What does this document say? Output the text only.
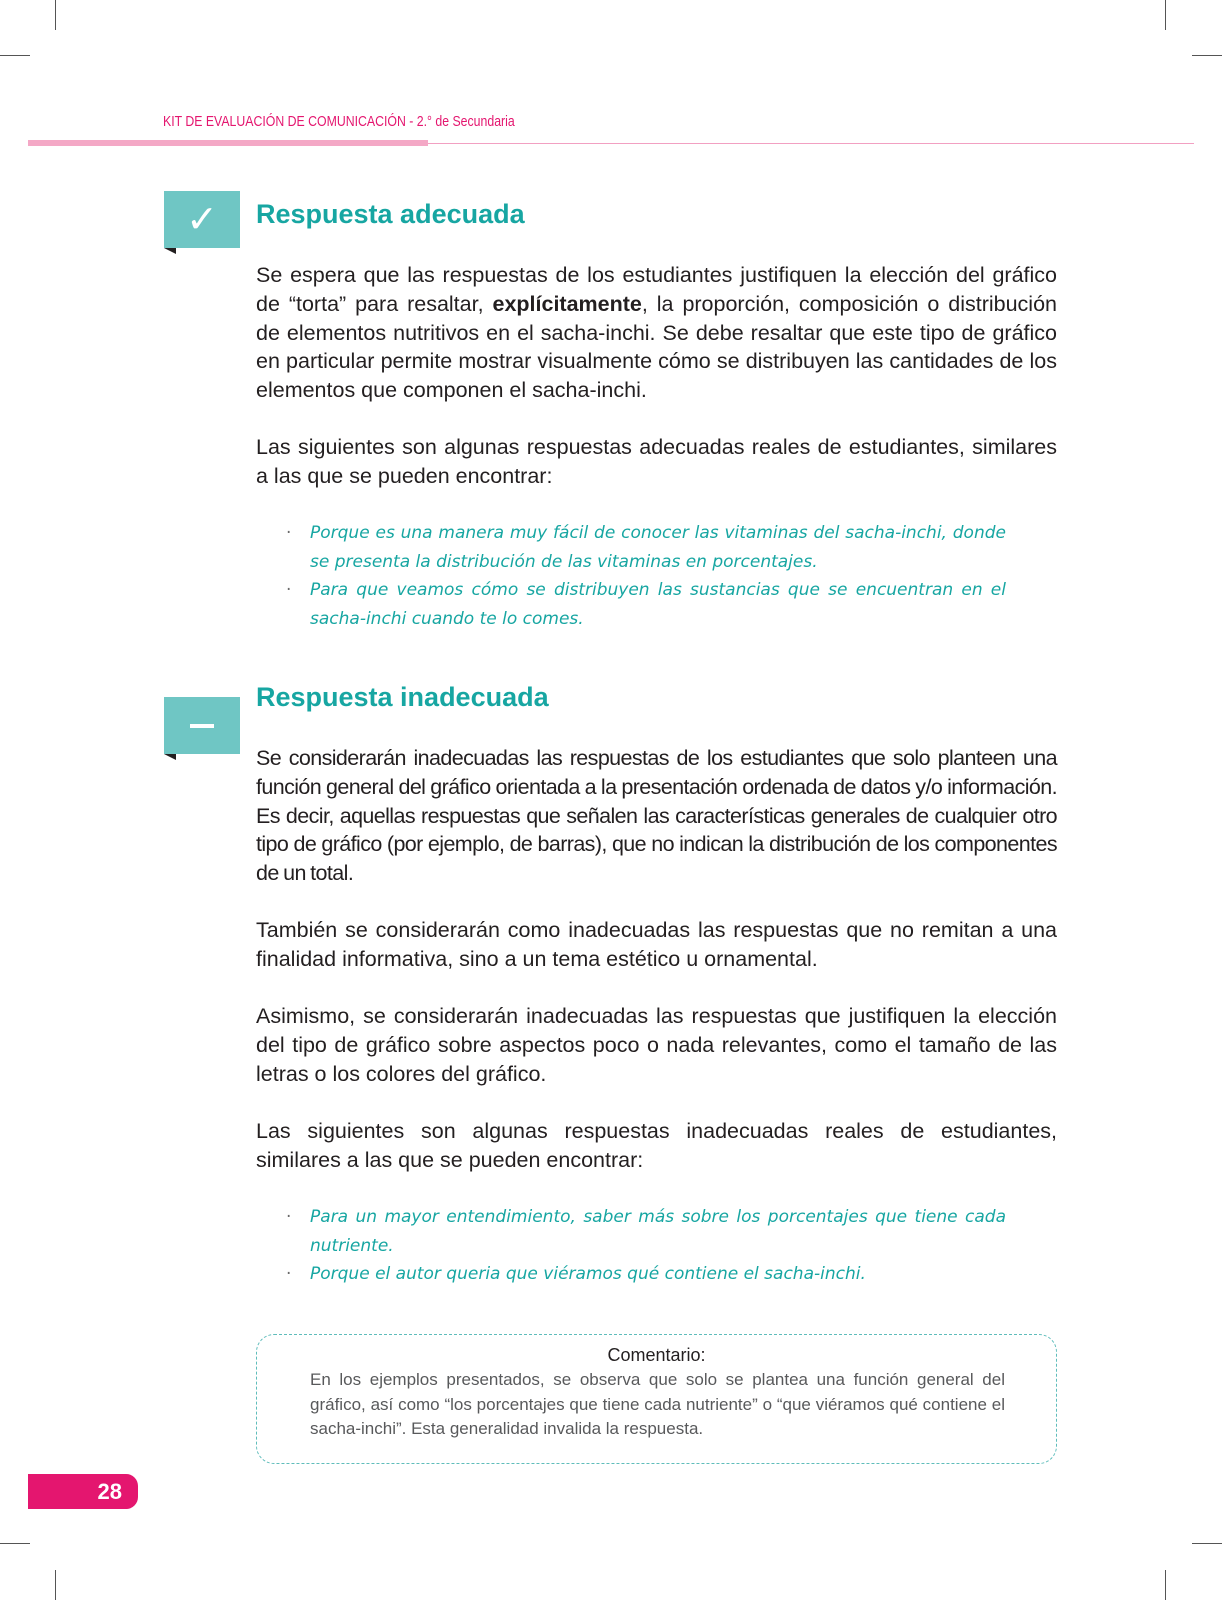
KIT DE EVALUACIÓN DE COMUNICACIÓN - 2.° de Secundaria
✓ Respuesta adecuada
Se espera que las respuestas de los estudiantes justifiquen la elección del gráfico de “torta” para resaltar, explícitamente, la proporción, composición o distribución de elementos nutritivos en el sacha-inchi. Se debe resaltar que este tipo de gráfico en particular permite mostrar visualmente cómo se distribuyen las cantidades de los elementos que componen el sacha-inchi.
Las siguientes son algunas respuestas adecuadas reales de estudiantes, similares a las que se pueden encontrar:
· Porque es una manera muy fácil de conocer las vitaminas del sacha-inchi, donde se presenta la distribución de las vitaminas en porcentajes.
· Para que veamos cómo se distribuyen las sustancias que se encuentran en el sacha-inchi cuando te lo comes.
Respuesta inadecuada
Se considerarán inadecuadas las respuestas de los estudiantes que solo planteen una función general del gráfico orientada a la presentación ordenada de datos y/o información. Es decir, aquellas respuestas que señalen las características generales de cualquier otro tipo de gráfico (por ejemplo, de barras), que no indican la distribución de los componentes de un total.
También se considerarán como inadecuadas las respuestas que no remitan a una finalidad informativa, sino a un tema estético u ornamental.
Asimismo, se considerarán inadecuadas las respuestas que justifiquen la elección del tipo de gráfico sobre aspectos poco o nada relevantes, como el tamaño de las letras o los colores del gráfico.
Las siguientes son algunas respuestas inadecuadas reales de estudiantes, similares a las que se pueden encontrar:
· Para un mayor entendimiento, saber más sobre los porcentajes que tiene cada nutriente.
· Porque el autor queria que viéramos qué contiene el sacha-inchi.
Comentario:
En los ejemplos presentados, se observa que solo se plantea una función general del gráfico, así como “los porcentajes que tiene cada nutriente” o “que viéramos qué contiene el sacha-inchi”. Esta generalidad invalida la respuesta.
28
